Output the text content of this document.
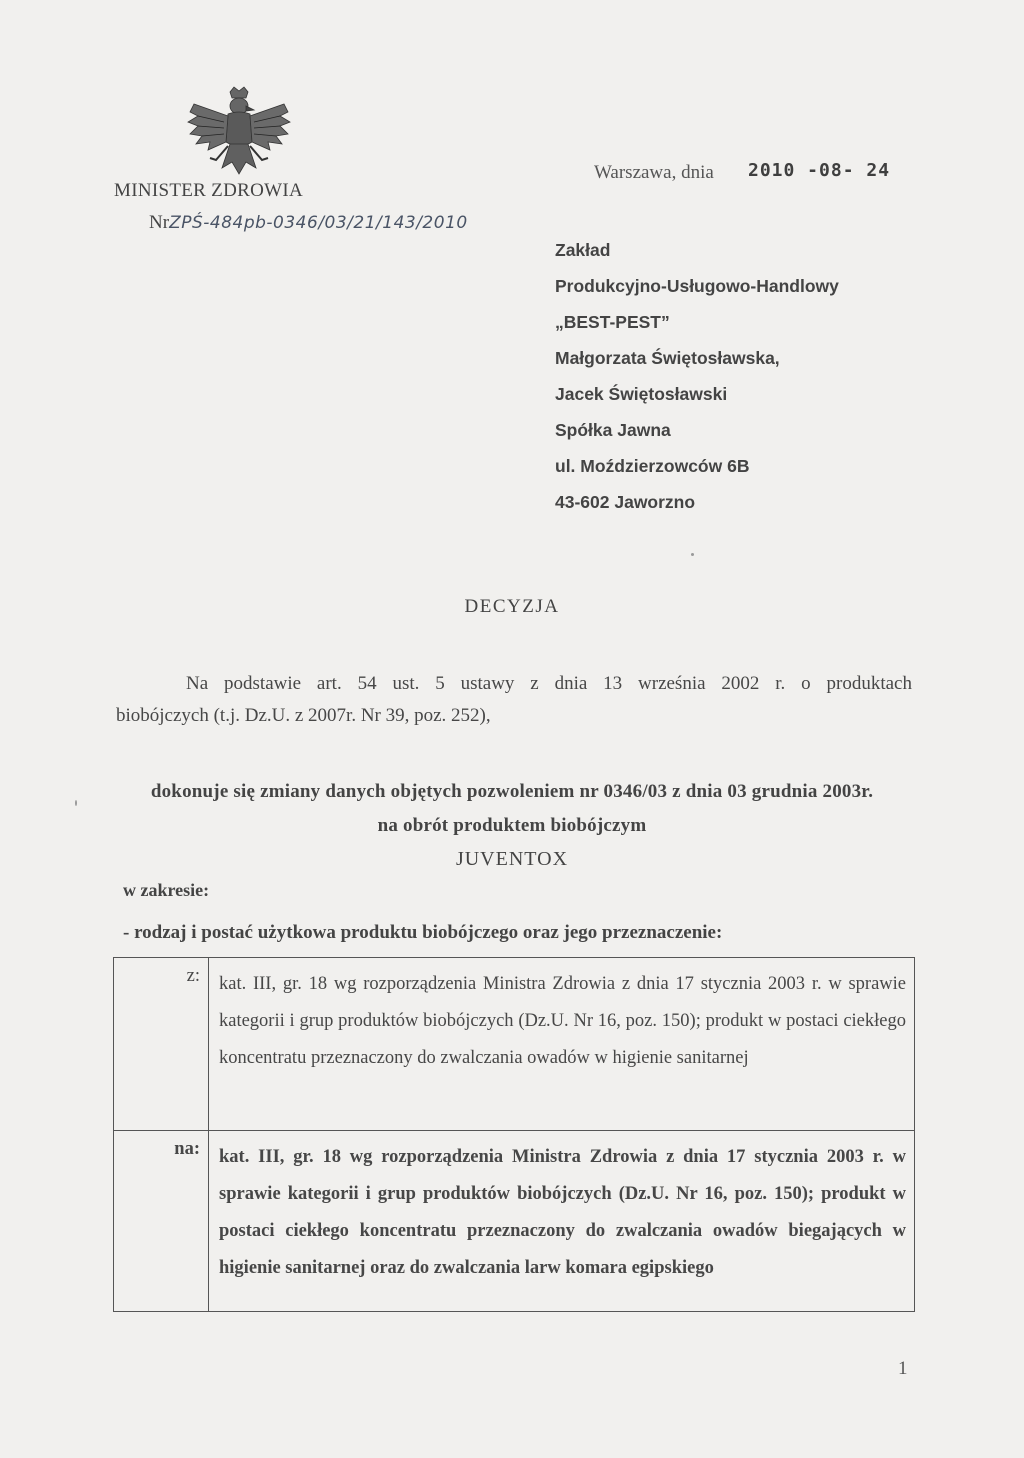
MINISTER ZDROWIA
NrZPŚ-484pb-0346/03/21/143/2010
Warszawa, dnia 2010 -08- 24
Zakład
Produkcyjno-Usługowo-Handlowy
„BEST-PEST”
Małgorzata Świętosławska,
Jacek Świętosławski
Spółka Jawna
ul. Moździerzowców 6B
43-602 Jaworzno
DECYZJA
Na podstawie art. 54 ust. 5 ustawy z dnia 13 września 2002 r. o produktach
biobójczych (t.j. Dz.U. z 2007r. Nr 39, poz. 252),
dokonuje się zmiany danych objętych pozwoleniem nr 0346/03 z dnia 03 grudnia 2003r.
na obrót produktem biobójczym
JUVENTOX
w zakresie:
- rodzaj i postać użytkowa produktu biobójczego oraz jego przeznaczenie:
z:	kat. III, gr. 18 wg rozporządzenia Ministra Zdrowia z dnia 17 stycznia 2003 r. w sprawie kategorii i grup produktów biobójczych (Dz.U. Nr 16, poz. 150); produkt w postaci ciekłego koncentratu przeznaczony do zwalczania owadów w higienie sanitarnej
na:	kat. III, gr. 18 wg rozporządzenia Ministra Zdrowia z dnia 17 stycznia 2003 r. w sprawie kategorii i grup produktów biobójczych (Dz.U. Nr 16, poz. 150); produkt w postaci ciekłego koncentratu przeznaczony do zwalczania owadów biegających w higienie sanitarnej oraz do zwalczania larw komara egipskiego
1
